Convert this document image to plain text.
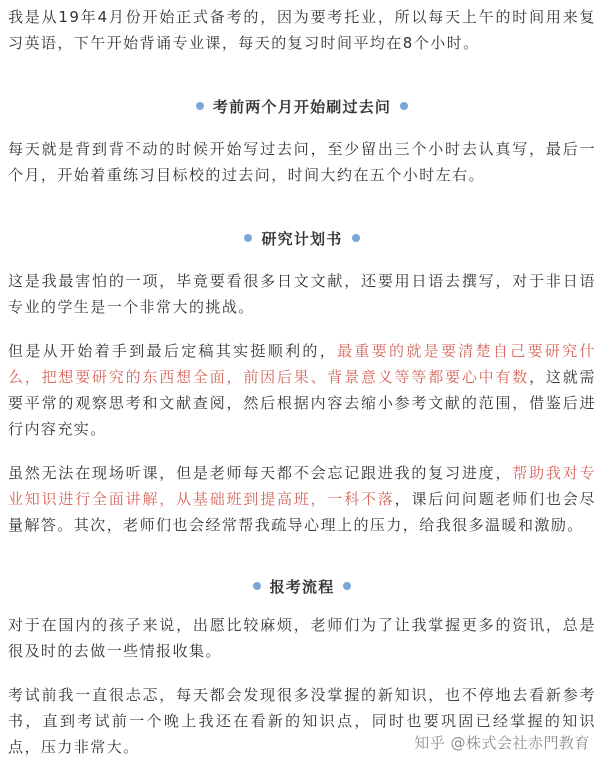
我是从19年4月份开始正式备考的，因为要考托业，所以每天上午的时间用来复习英语，下午开始背诵专业课，每天的复习时间平均在8个小时。

考前两个月开始刷过去问

每天就是背到背不动的时候开始写过去问，至少留出三个小时去认真写，最后一个月，开始着重练习目标校的过去问，时间大约在五个小时左右。

研究计划书

这是我最害怕的一项，毕竟要看很多日文文献，还要用日语去撰写，对于非日语专业的学生是一个非常大的挑战。

但是从开始着手到最后定稿其实挺顺利的，最重要的就是要清楚自己要研究什么，把想要研究的东西想全面，前因后果、背景意义等等都要心中有数，这就需要平常的观察思考和文献查阅，然后根据内容去缩小参考文献的范围，借鉴后进行内容充实。

虽然无法在现场听课，但是老师每天都不会忘记跟进我的复习进度，帮助我对专业知识进行全面讲解，从基础班到提高班，一科不落，课后问问题老师们也会尽量解答。其次，老师们也会经常帮我疏导心理上的压力，给我很多温暖和激励。

报考流程

对于在国内的孩子来说，出愿比较麻烦，老师们为了让我掌握更多的资讯，总是很及时的去做一些情报收集。

考试前我一直很忐忑，每天都会发现很多没掌握的新知识，也不停地去看新参考书，直到考试前一个晚上我还在看新的知识点，同时也要巩固已经掌握的知识点，压力非常大。	知乎 @株式会社赤門教育
